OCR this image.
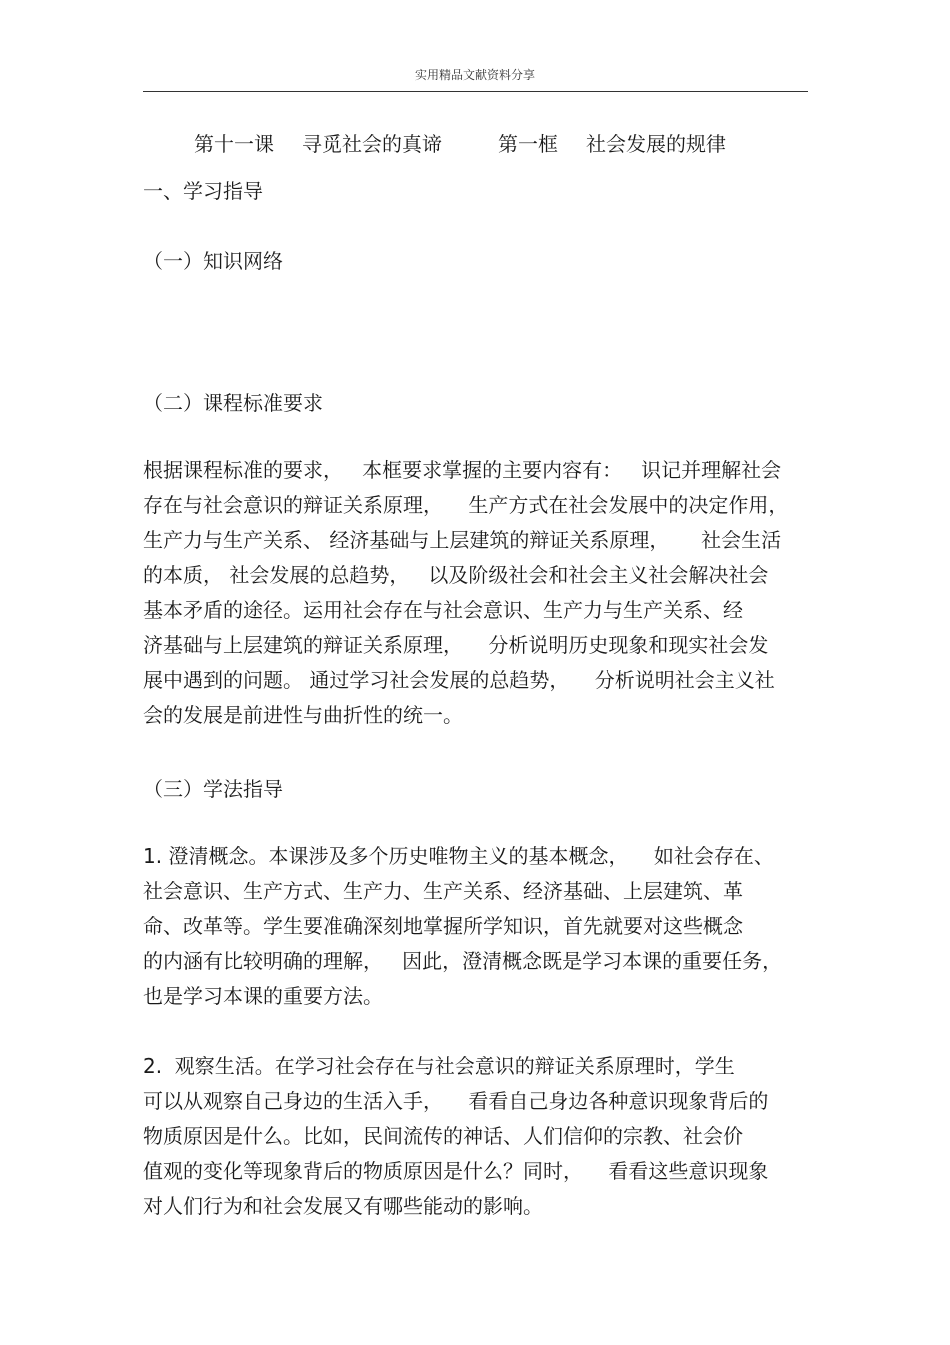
实用精品文献资料分享
第十一课 寻觅社会的真谛	第一框 社会发展的规律
一、学习指导
（一）知识网络
（二）课程标准要求
根据课程标准的要求，   本框要求掌握的主要内容有：   识记并理解社会
存在与社会意识的辩证关系原理，    生产方式在社会发展中的决定作用，
生产力与生产关系、 经济基础与上层建筑的辩证关系原理，     社会生活
的本质， 社会发展的总趋势，   以及阶级社会和社会主义社会解决社会
基本矛盾的途径。运用社会存在与社会意识、生产力与生产关系、经
济基础与上层建筑的辩证关系原理，    分析说明历史现象和现实社会发
展中遇到的问题。 通过学习社会发展的总趋势，    分析说明社会主义社
会的发展是前进性与曲折性的统一。
（三）学法指导
1. 澄清概念。本课涉及多个历史唯物主义的基本概念，    如社会存在、
社会意识、生产方式、生产力、生产关系、经济基础、上层建筑、革
命、改革等。学生要准确深刻地掌握所学知识，首先就要对这些概念
的内涵有比较明确的理解，   因此，澄清概念既是学习本课的重要任务，
也是学习本课的重要方法。
2.  观察生活。在学习社会存在与社会意识的辩证关系原理时，学生
可以从观察自己身边的生活入手，    看看自己身边各种意识现象背后的
物质原因是什么。比如，民间流传的神话、人们信仰的宗教、社会价
值观的变化等现象背后的物质原因是什么？同时，    看看这些意识现象
对人们行为和社会发展又有哪些能动的影响。
